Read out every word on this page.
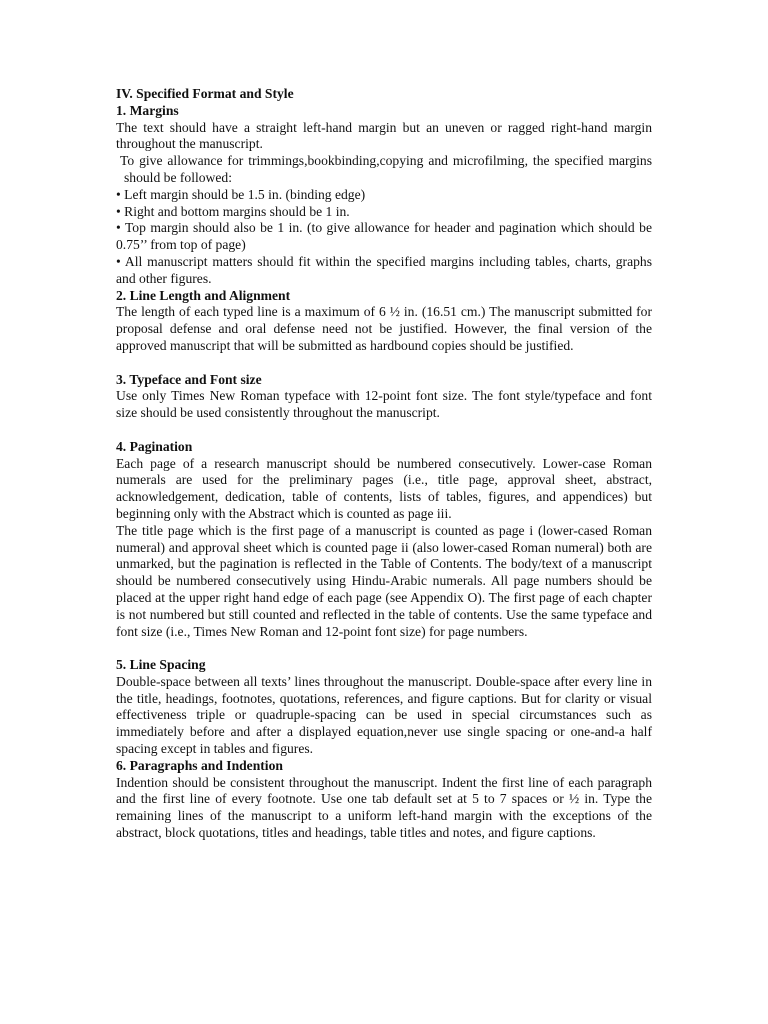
IV. Specified Format and Style

1. Margins

The text should have a straight left-hand margin but an uneven or ragged right-hand margin throughout the manuscript.

To give allowance for trimmings,bookbinding,copying and microfilming, the specified margins should be followed:

• Left margin should be 1.5 in. (binding edge)

• Right and bottom margins should be 1 in.

• Top margin should also be 1 in. (to give allowance for header and pagination which should be 0.75’’ from top of page)

• All manuscript matters should fit within the specified margins including tables, charts, graphs and other figures.

2. Line Length and Alignment

The length of each typed line is a maximum of 6 ½ in. (16.51 cm.) The manuscript submitted for proposal defense and oral defense need not be justified. However, the final version of the approved manuscript that will be submitted as hardbound copies should be justified.

3. Typeface and Font size

Use only Times New Roman typeface with 12-point font size. The font style/typeface and font size should be used consistently throughout the manuscript.

4. Pagination

Each page of a research manuscript should be numbered consecutively. Lower-case Roman numerals are used for the preliminary pages (i.e., title page, approval sheet, abstract, acknowledgement, dedication, table of contents, lists of tables, figures, and appendices) but beginning only with the Abstract which is counted as page iii.

The title page which is the first page of a manuscript is counted as page i (lower-cased Roman numeral) and approval sheet which is counted page ii (also lower-cased Roman numeral) both are unmarked, but the pagination is reflected in the Table of Contents. The body/text of a manuscript should be numbered consecutively using Hindu-Arabic numerals. All page numbers should be placed at the upper right hand edge of each page (see Appendix O). The first page of each chapter is not numbered but still counted and reflected in the table of contents. Use the same typeface and font size (i.e., Times New Roman and 12-point font size) for page numbers.

5. Line Spacing

Double-space between all texts’ lines throughout the manuscript. Double-space after every line in the title, headings, footnotes, quotations, references, and figure captions. But for clarity or visual effectiveness triple or quadruple-spacing can be used in special circumstances such as immediately before and after a displayed equation,never use single spacing or one-and-a half spacing except in tables and figures.

6. Paragraphs and Indention

Indention should be consistent throughout the manuscript. Indent the first line of each paragraph and the first line of every footnote. Use one tab default set at 5 to 7 spaces or ½ in. Type the remaining lines of the manuscript to a uniform left-hand margin with the exceptions of the abstract, block quotations, titles and headings, table titles and notes, and figure captions.
